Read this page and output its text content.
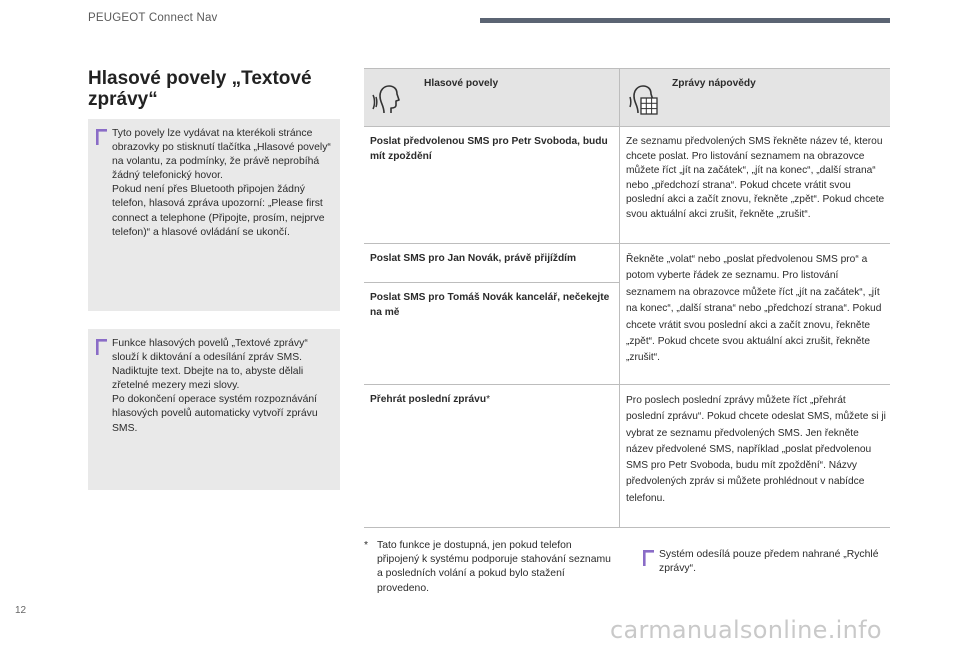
PEUGEOT Connect Nav
Hlasové povely „Textové zprávy“

Tyto povely lze vydávat na kterékoli stránce obrazovky po stisknutí tlačítka „Hlasové povely“ na volantu, za podmínky, že právě neprobíhá žádný telefonický hovor.

Pokud není přes Bluetooth připojen žádný telefon, hlasová zpráva upozorní: „Please first connect a telephone (Připojte, prosím, nejprve telefon)“ a hlasové ovládání se ukončí.

Funkce hlasových povelů „Textové zprávy“ slouží k diktování a odesílání zpráv SMS.

Nadiktujte text. Dbejte na to, abyste dělali zřetelné mezery mezi slovy.

Po dokončení operace systém rozpoznávání hlasových povelů automaticky vytvoří zprávu SMS.

Hlasové povely	Zprávy nápovědy

Poslat předvolenou SMS pro Petr Svoboda, budu mít zpoždění	Ze seznamu předvolených SMS řekněte název té, kterou chcete poslat. Pro listování seznamem na obrazovce můžete říct „jít na začátek“, „jít na konec“, „další strana“ nebo „předchozí strana“. Pokud chcete vrátit svou poslední akci a začít znovu, řekněte „zpět“. Pokud chcete svou aktuální akci zrušit, řekněte „zrušit“.

Poslat SMS pro Jan Novák, právě přijíždím
Poslat SMS pro Tomáš Novák kancelář, nečekejte na mě	Řekněte „volat“ nebo „poslat předvolenou SMS pro“ a potom vyberte řádek ze seznamu. Pro listování seznamem na obrazovce můžete říct „jít na začátek“, „jít na konec“, „další strana“ nebo „předchozí strana“. Pokud chcete vrátit svou poslední akci a začít znovu, řekněte „zpět“. Pokud chcete svou aktuální akci zrušit, řekněte „zrušit“.
Přehrát poslední zprávu*	Pro poslech poslední zprávy můžete říct „přehrát poslední zprávu“. Pokud chcete odeslat SMS, můžete si ji vybrat ze seznamu předvolených SMS. Jen řekněte název předvolené SMS, například „poslat předvolenou SMS pro Petr Svoboda, budu mít zpoždění“. Názvy předvolených zpráv si můžete prohlédnout v nabídce telefonu.
* Tato funkce je dostupná, jen pokud telefon připojený k systému podporuje stahování seznamu a posledních volání a pokud bylo stažení provedeno.
Systém odesílá pouze předem nahrané „Rychlé zprávy“.
12
carmanualsonline.info
